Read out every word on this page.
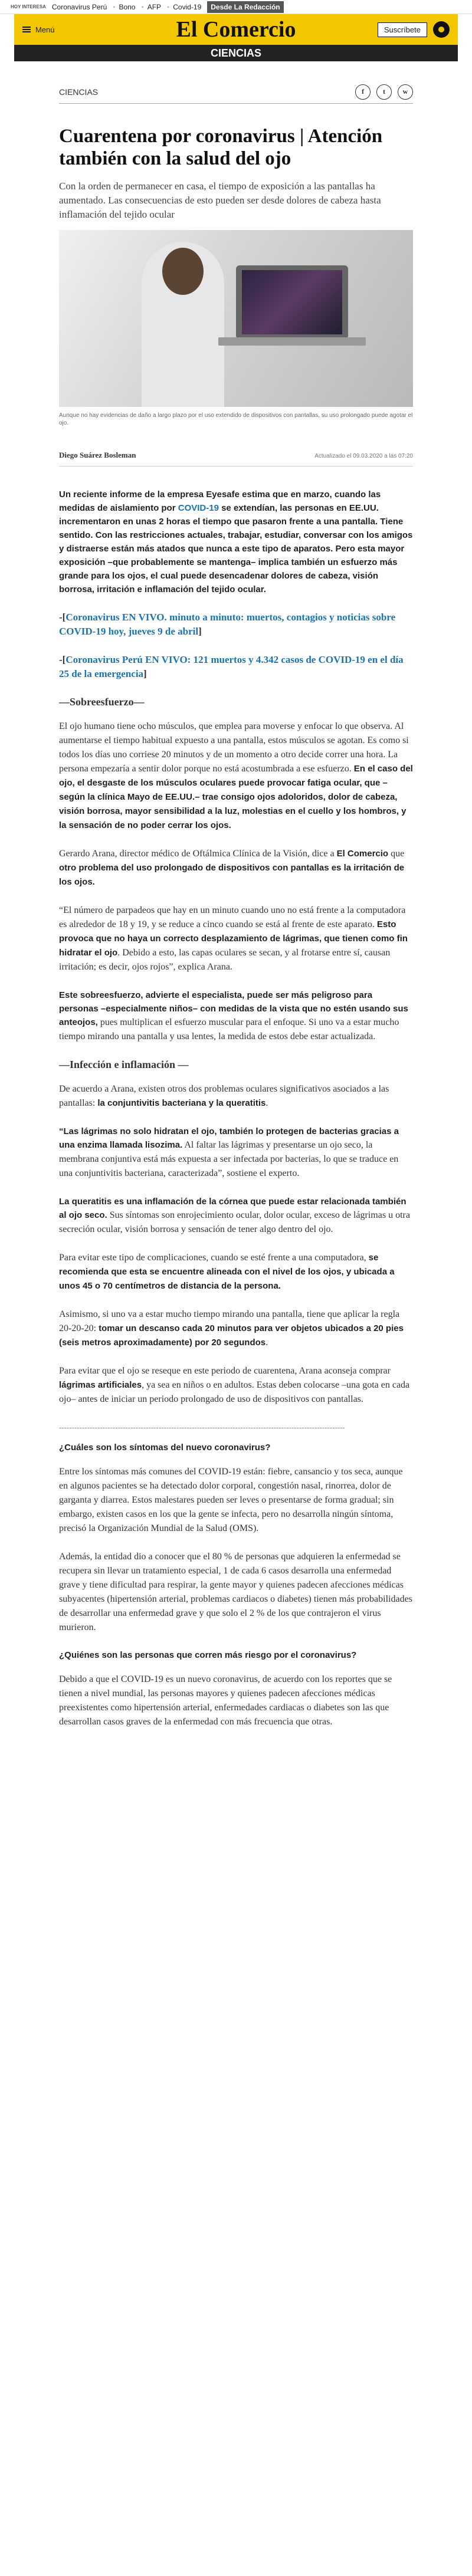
HOY INTERESA Coronavirus Perú • Bono • AFP • Covid-19	Desde La Redacción
Menú	El Comercio	Suscríbete
CIENCIAS
CIENCIAS	f	t	w
Cuarentena por coronavirus | Atención también con la salud del ojo

Con la orden de permanecer en casa, el tiempo de exposición a las pantallas ha aumentado. Las consecuencias de esto pueden ser desde dolores de cabeza hasta inflamación del tejido ocular

Aunque no hay evidencias de daño a largo plazo por el uso extendido de dispositivos con pantallas, su uso prolongado puede agotar el ojo.

Diego Suárez Bosleman	Actualizado el 09.03.2020 a las 07:20

Un reciente informe de la empresa Eyesafe estima que en marzo, cuando las medidas de aislamiento por COVID-19 se extendían, las personas en EE.UU. incrementaron en unas 2 horas el tiempo que pasaron frente a una pantalla. Tiene sentido. Con las restricciones actuales, trabajar, estudiar, conversar con los amigos y distraerse están más atados que nunca a este tipo de aparatos. Pero esta mayor exposición –que probablemente se mantenga– implica también un esfuerzo más grande para los ojos, el cual puede desencadenar dolores de cabeza, visión borrosa, irritación e inflamación del tejido ocular.

-[Coronavirus EN VIVO. minuto a minuto: muertos, contagios y noticias sobre COVID-19 hoy, jueves 9 de abril]

-[Coronavirus Perú EN VIVO: 121 muertos y 4.342 casos de COVID-19 en el día 25 de la emergencia]

—Sobreesfuerzo—

El ojo humano tiene ocho músculos, que emplea para moverse y enfocar lo que observa. Al aumentarse el tiempo habitual expuesto a una pantalla, estos músculos se agotan. Es como si todos los días uno corriese 20 minutos y de un momento a otro decide correr una hora. La persona empezaría a sentir dolor porque no está acostumbrada a ese esfuerzo. En el caso del ojo, el desgaste de los músculos oculares puede provocar fatiga ocular, que –según la clínica Mayo de EE.UU.– trae consigo ojos adoloridos, dolor de cabeza, visión borrosa, mayor sensibilidad a la luz, molestias en el cuello y los hombros, y la sensación de no poder cerrar los ojos.

Gerardo Arana, director médico de Oftálmica Clínica de la Visión, dice a El Comercio que otro problema del uso prolongado de dispositivos con pantallas es la irritación de los ojos.

“El número de parpadeos que hay en un minuto cuando uno no está frente a la computadora es alrededor de 18 y 19, y se reduce a cinco cuando se está al frente de este aparato. Esto provoca que no haya un correcto desplazamiento de lágrimas, que tienen como fin hidratar el ojo. Debido a esto, las capas oculares se secan, y al frotarse entre sí, causan irritación; es decir, ojos rojos”, explica Arana.

Este sobreesfuerzo, advierte el especialista, puede ser más peligroso para personas –especialmente niños– con medidas de la vista que no estén usando sus anteojos, pues multiplican el esfuerzo muscular para el enfoque. Si uno va a estar mucho tiempo mirando una pantalla y usa lentes, la medida de estos debe estar actualizada.

—Infección e inflamación —

De acuerdo a Arana, existen otros dos problemas oculares significativos asociados a las pantallas: la conjuntivitis bacteriana y la queratitis.

“Las lágrimas no solo hidratan el ojo, también lo protegen de bacterias gracias a una enzima llamada lisozima. Al faltar las lágrimas y presentarse un ojo seco, la membrana conjuntiva está más expuesta a ser infectada por bacterias, lo que se traduce en una conjuntivitis bacteriana, caracterizada”, sostiene el experto.

La queratitis es una inflamación de la córnea que puede estar relacionada también al ojo seco. Sus síntomas son enrojecimiento ocular, dolor ocular, exceso de lágrimas u otra secreción ocular, visión borrosa y sensación de tener algo dentro del ojo.

Para evitar este tipo de complicaciones, cuando se esté frente a una computadora, se recomienda que esta se encuentre alineada con el nivel de los ojos, y ubicada a unos 45 o 70 centímetros de distancia de la persona.

Asimismo, si uno va a estar mucho tiempo mirando una pantalla, tiene que aplicar la regla 20-20-20: tomar un descanso cada 20 minutos para ver objetos ubicados a 20 pies (seis metros aproximadamente) por 20 segundos.

Para evitar que el ojo se reseque en este periodo de cuarentena, Arana aconseja comprar lágrimas artificiales, ya sea en niños o en adultos. Estas deben colocarse –una gota en cada ojo– antes de iniciar un periodo prolongado de uso de dispositivos con pantallas.

----------------------------------------------------------------------------------------------------------------
¿Cuáles son los síntomas del nuevo coronavirus?

Entre los síntomas más comunes del COVID-19 están: fiebre, cansancio y tos seca, aunque en algunos pacientes se ha detectado dolor corporal, congestión nasal, rinorrea, dolor de garganta y diarrea. Estos malestares pueden ser leves o presentarse de forma gradual; sin embargo, existen casos en los que la gente se infecta, pero no desarrolla ningún síntoma, precisó la Organización Mundial de la Salud (OMS).

Además, la entidad dio a conocer que el 80 % de personas que adquieren la enfermedad se recupera sin llevar un tratamiento especial, 1 de cada 6 casos desarrolla una enfermedad grave y tiene dificultad para respirar, la gente mayor y quienes padecen afecciones médicas subyacentes (hipertensión arterial, problemas cardiacos o diabetes) tienen más probabilidades de desarrollar una enfermedad grave y que solo el 2 % de los que contrajeron el virus murieron.

¿Quiénes son las personas que corren más riesgo por el coronavirus?

Debido a que el COVID-19 es un nuevo coronavirus, de acuerdo con los reportes que se tienen a nivel mundial, las personas mayores y quienes padecen afecciones médicas preexistentes como hipertensión arterial, enfermedades cardiacas o diabetes son las que desarrollan casos graves de la enfermedad con más frecuencia que otras.
